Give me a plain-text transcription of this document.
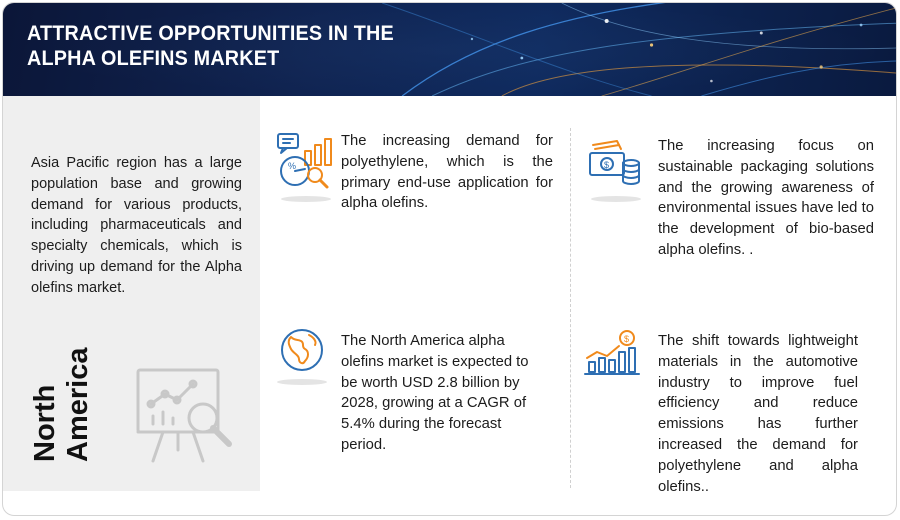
ATTRACTIVE OPPORTUNITIES IN THE
ALPHA OLEFINS MARKET
Asia Pacific region has a large population base and growing demand for various products, including pharmaceuticals and specialty chemicals, which is driving up demand for the Alpha olefins market.
North America
%
The increasing demand for polyethylene, which is the primary end-use application for alpha olefins.
$
The increasing focus on sustainable packaging solutions and the growing awareness of environmental issues have led to the development of bio-based alpha olefins. .
The North America alpha olefins market is expected to be worth USD 2.8 billion by 2028, growing at a CAGR of 5.4% during the forecast period.
$ The shift towards lightweight materials in the automotive industry to improve fuel efficiency and reduce emissions has further increased the demand for polyethylene and alpha olefins..
